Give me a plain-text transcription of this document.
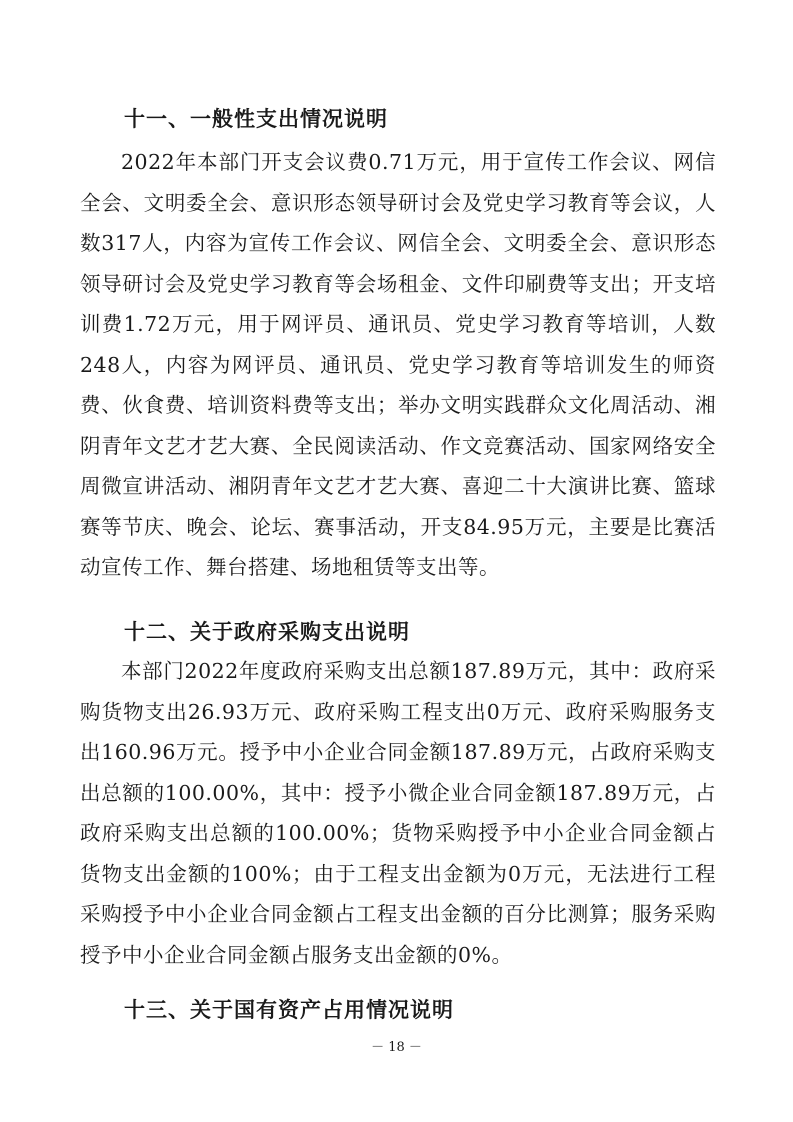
十一、一般性支出情况说明
2022年本部门开支会议费0.71万元，用于宣传工作会议、网信全会、文明委全会、意识形态领导研讨会及党史学习教育等会议，人数317人，内容为宣传工作会议、网信全会、文明委全会、意识形态领导研讨会及党史学习教育等会场租金、文件印刷费等支出；开支培训费1.72万元，用于网评员、通讯员、党史学习教育等培训，人数248人，内容为网评员、通讯员、党史学习教育等培训发生的师资费、伙食费、培训资料费等支出；举办文明实践群众文化周活动、湘阴青年文艺才艺大赛、全民阅读活动、作文竞赛活动、国家网络安全周微宣讲活动、湘阴青年文艺才艺大赛、喜迎二十大演讲比赛、篮球赛等节庆、晚会、论坛、赛事活动，开支84.95万元，主要是比赛活动宣传工作、舞台搭建、场地租赁等支出等。
十二、关于政府采购支出说明
本部门2022年度政府采购支出总额187.89万元，其中：政府采购货物支出26.93万元、政府采购工程支出0万元、政府采购服务支出160.96万元。授予中小企业合同金额187.89万元，占政府采购支出总额的100.00%，其中：授予小微企业合同金额187.89万元，占政府采购支出总额的100.00%；货物采购授予中小企业合同金额占货物支出金额的100%；由于工程支出金额为0万元，无法进行工程采购授予中小企业合同金额占工程支出金额的百分比测算；服务采购授予中小企业合同金额占服务支出金额的0%。
十三、关于国有资产占用情况说明
－ 18 －
